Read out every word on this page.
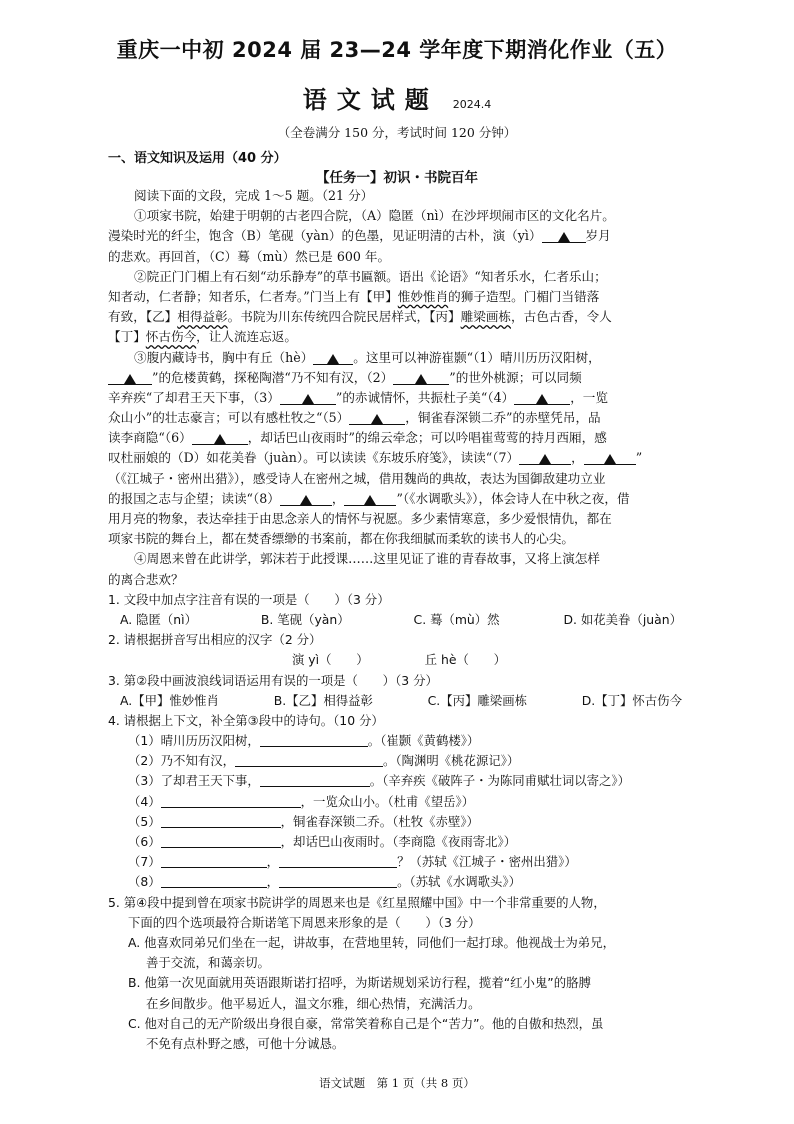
重庆一中初 2024 届 23—24 学年度下期消化作业（五）
语文试题 2024.4
（全卷满分 150 分，考试时间 120 分钟）
一、语文知识及运用（40 分）
【任务一】初识・书院百年
阅读下面的文段，完成 1～5 题。（21 分）
①项家书院，始建于明朝的古老四合院，（A）隐匿（nì）在沙坪坝闹市区的文化名片。
漫染时光的纤尘，饱含（B）笔砚（yàn）的色墨，见证明清的古朴，演（yì）	岁月
的悲欢。再回首，（C）蓦（mù）然已是 600 年。
②院正门门楣上有石刻“动乐静寿”的草书匾额。语出《论语》“知者乐水，仁者乐山；
知者动，仁者静；知者乐，仁者寿。”门当上有【甲】惟妙惟肖的狮子造型。门楣门当错落
有致，【乙】相得益彰。书院为川东传统四合院民居样式，【丙】雕梁画栋，古色古香，令人
【丁】怀古伤今，让人流连忘返。
③腹内藏诗书，胸中有丘（hè）	。这里可以神游崔颢“（1）晴川历历汉阳树，
”的危楼黄鹤，探秘陶潜“乃不知有汉，（2）	”的世外桃源；可以同频
辛弃疾“了却君王天下事，（3）	”的赤诚情怀，共振杜子美“（4）	，一览
众山小”的壮志豪言；可以有感杜牧之“（5）	，铜雀春深锁二乔”的赤壁凭吊，品
读李商隐“（6）	，却话巴山夜雨时”的绵云牵念；可以吟唱崔莺莺的持月西厢，感
叹杜丽娘的（D）如花美眷（juàn）。可以读读《东坡乐府笺》，读读“（7）	，	”
（《江城子・密州出猎》），感受诗人在密州之城，借用魏尚的典故，表达为国御敌建功立业
的报国之志与企望；读读“（8）	，	”（《水调歌头》），体会诗人在中秋之夜，借
用月亮的物象，表达牵挂于由思念亲人的情怀与祝愿。多少素情寒意，多少爱恨情仇，都在
项家书院的舞台上，都在焚香缥缈的书案前，都在你我细腻而柔软的读书人的心尖。
④周恩来曾在此讲学，郭沫若于此授课……这里见证了谁的青春故事，又将上演怎样
的离合悲欢？
1. 文段中加点字注音有误的一项是（　　）（3 分）
A. 隐匿（nì）	B. 笔砚（yàn）	C. 蓦（mù）然	D. 如花美眷（juàn）
2. 请根据拼音写出相应的汉字（2 分）
演 yì（　　）	丘 hè（　　）
3. 第②段中画波浪线词语运用有误的一项是（　　）（3 分）
A.【甲】惟妙惟肖	B.【乙】相得益彰	C.【丙】雕梁画栋	D.【丁】怀古伤今
4. 请根据上下文，补全第③段中的诗句。（10 分）
（1）晴川历历汉阳树，	。（崔颢《黄鹤楼》）
（2）乃不知有汉，	。（陶渊明《桃花源记》）
（3）了却君王天下事，	。（辛弃疾《破阵子・为陈同甫赋壮词以寄之》）
（4）	，一览众山小。（杜甫《望岳》）
（5）	，铜雀春深锁二乔。（杜牧《赤壁》）
（6）	，却话巴山夜雨时。（李商隐《夜雨寄北》）
（7）	，	？（苏轼《江城子・密州出猎》）
（8）	，	。（苏轼《水调歌头》）
5. 第④段中提到曾在项家书院讲学的周恩来也是《红星照耀中国》中一个非常重要的人物，
下面的四个选项最符合斯诺笔下周恩来形象的是（　　）（3 分）
A. 他喜欢同弟兄们坐在一起，讲故事，在营地里转，同他们一起打球。他视战士为弟兄，
善于交流，和蔼亲切。
B. 他第一次见面就用英语跟斯诺打招呼，为斯诺规划采访行程，揽着“红小鬼”的胳膊
在乡间散步。他平易近人，温文尔雅，细心热情，充满活力。
C. 他对自己的无产阶级出身很自豪，常常笑着称自己是个“苦力”。他的自傲和热烈，虽
不免有点朴野之感，可他十分诚恳。
语文试题　第 1 页（共 8 页）
